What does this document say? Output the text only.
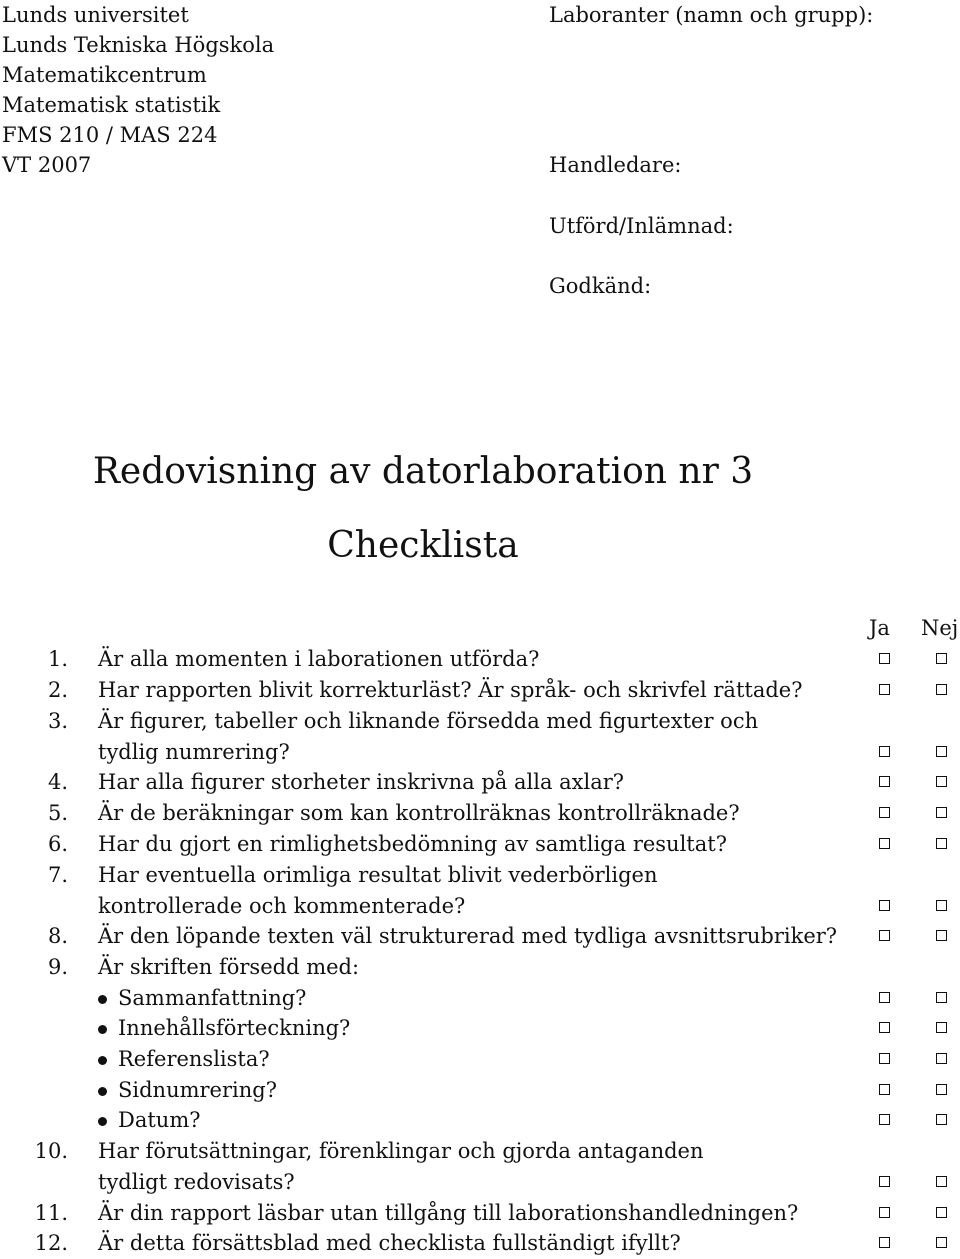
Lunds universitet
Lunds Tekniska Högskola
Matematikcentrum
Matematisk statistik
FMS 210 / MAS 224
VT 2007
Laboranter (namn och grupp):
Handledare:
Utförd/Inlämnad:
Godkänd:
Redovisning av datorlaboration nr 3
Checklista
Ja Nej
1. Är alla momenten i laborationen utförda?
2. Har rapporten blivit korrekturläst? Är språk- och skrivfel rättade?
3. Är figurer, tabeller och liknande försedda med figurtexter och
tydlig numrering?
4. Har alla figurer storheter inskrivna på alla axlar?
5. Är de beräkningar som kan kontrollräknas kontrollräknade?
6. Har du gjort en rimlighetsbedömning av samtliga resultat?
7. Har eventuella orimliga resultat blivit vederbörligen
kontrollerade och kommenterade?
8. Är den löpande texten väl strukturerad med tydliga avsnittsrubriker?
9. Är skriften försedd med:
Sammanfattning?
Innehållsförteckning?
Referenslista?
Sidnumrering?
Datum?
10. Har förutsättningar, förenklingar och gjorda antaganden
tydligt redovisats?
11. Är din rapport läsbar utan tillgång till laborationshandledningen?
12. Är detta försättsblad med checklista fullständigt ifyllt?
